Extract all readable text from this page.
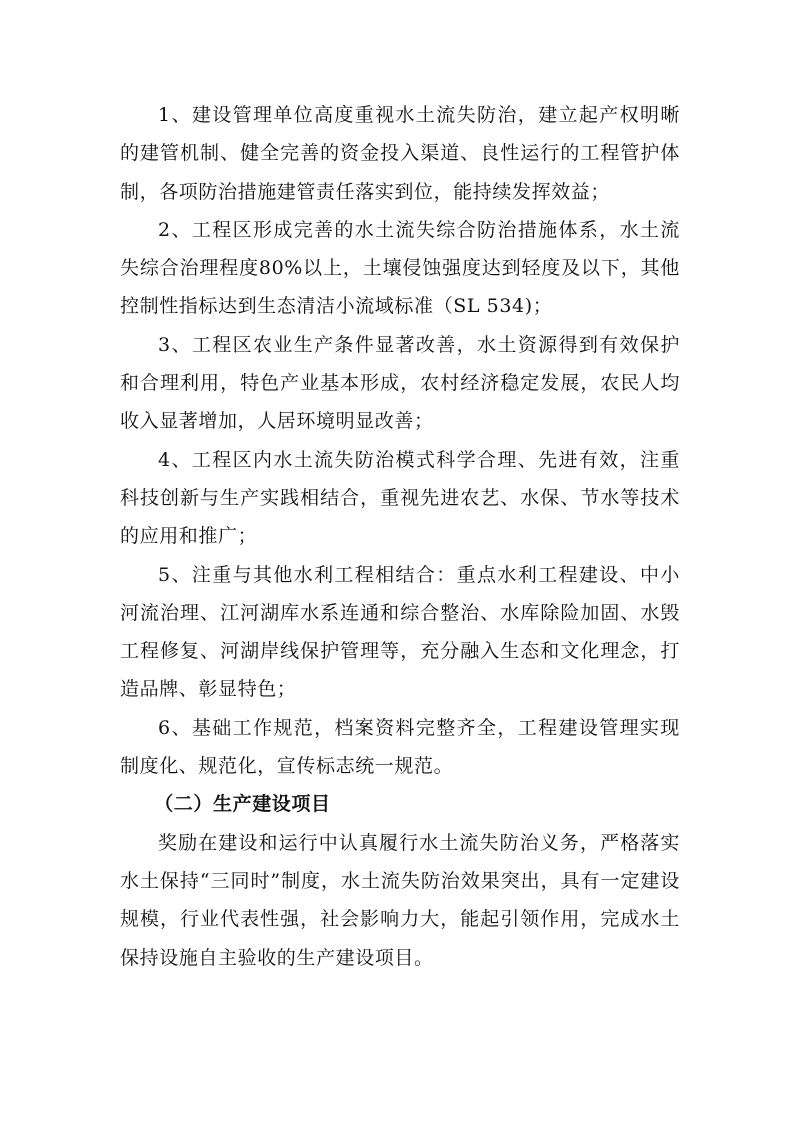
1、建设管理单位高度重视水土流失防治，建立起产权明晰的建管机制、健全完善的资金投入渠道、良性运行的工程管护体制，各项防治措施建管责任落实到位，能持续发挥效益；

2、工程区形成完善的水土流失综合防治措施体系，水土流失综合治理程度80%以上，土壤侵蚀强度达到轻度及以下，其他控制性指标达到生态清洁小流域标准（SL 534)；

3、工程区农业生产条件显著改善，水土资源得到有效保护和合理利用，特色产业基本形成，农村经济稳定发展，农民人均收入显著增加，人居环境明显改善；

4、工程区内水土流失防治模式科学合理、先进有效，注重科技创新与生产实践相结合，重视先进农艺、水保、节水等技术的应用和推广；

5、注重与其他水利工程相结合：重点水利工程建设、中小河流治理、江河湖库水系连通和综合整治、水库除险加固、水毁工程修复、河湖岸线保护管理等，充分融入生态和文化理念，打造品牌、彰显特色；

6、基础工作规范，档案资料完整齐全，工程建设管理实现制度化、规范化，宣传标志统一规范。

（二）生产建设项目

奖励在建设和运行中认真履行水土流失防治义务，严格落实水土保持“三同时”制度，水土流失防治效果突出，具有一定建设规模，行业代表性强，社会影响力大，能起引领作用，完成水土保持设施自主验收的生产建设项目。
